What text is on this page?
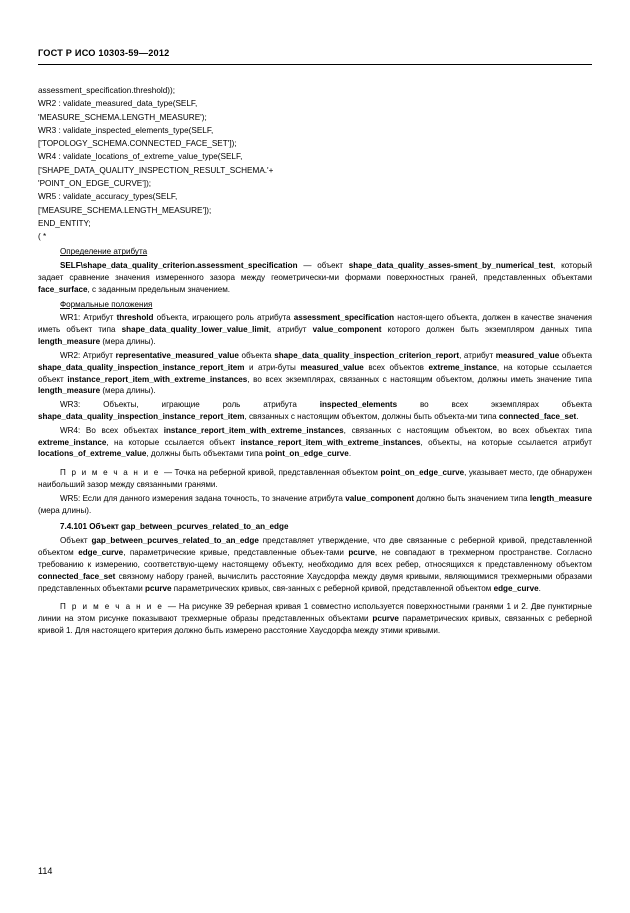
ГОСТ Р ИСО 10303-59—2012
assessment_specification.threshold));
WR2 : validate_measured_data_type(SELF,
'MEASURE_SCHEMA.LENGTH_MEASURE');
WR3 : validate_inspected_elements_type(SELF,
['TOPOLOGY_SCHEMA.CONNECTED_FACE_SET']);
WR4 : validate_locations_of_extreme_value_type(SELF,
['SHAPE_DATA_QUALITY_INSPECTION_RESULT_SCHEMA.'+
'POINT_ON_EDGE_CURVE']);
WR5 : validate_accuracy_types(SELF,
['MEASURE_SCHEMA.LENGTH_MEASURE']);
END_ENTITY;
( *
Определение атрибута
SELF\shape_data_quality_criterion.assessment_specification — объект shape_data_quality_asses-sment_by_numerical_test, который задает сравнение значения измеренного зазора между геометрически-ми формами поверхностных граней, представленных объектами face_surface, с заданным предельным значением.
Формальные положения
WR1: Атрибут threshold объекта, играющего роль атрибута assessment_specification настоя-щего объекта, должен в качестве значения иметь объект типа shape_data_quality_lower_value_limit, атрибут value_component которого должен быть экземпляром данных типа length_measure (мера длины).
WR2: Атрибут representative_measured_value объекта shape_data_quality_inspection_criterion_report, атрибут measured_value объекта shape_data_quality_inspection_instance_report_item и атри-буты measured_value всех объектов extreme_instance, на которые ссылается объект instance_report_item_with_extreme_instances, во всех экземплярах, связанных с настоящим объектом, должны иметь значение типа length_measure (мера длины).
WR3: Объекты, играющие роль атрибута inspected_elements во всех экземплярах объекта shape_data_quality_inspection_instance_report_item, связанных с настоящим объектом, должны быть объекта-ми типа connected_face_set.
WR4: Во всех объектах instance_report_item_with_extreme_instances, связанных с настоящим объектом, во всех объектах типа extreme_instance, на которые ссылается объект instance_report_item_with_extreme_instances, объекты, на которые ссылается атрибут locations_of_extreme_value, должны быть объектами типа point_on_edge_curve.
П р и м е ч а н и е — Точка на реберной кривой, представленная объектом point_on_edge_curve, указывает место, где обнаружен наибольший зазор между связанными гранями.
WR5: Если для данного измерения задана точность, то значение атрибута value_component должно быть значением типа length_measure (мера длины).
7.4.101 Объект gap_between_pcurves_related_to_an_edge
Объект gap_between_pcurves_related_to_an_edge представляет утверждение, что две связанные с реберной кривой, представленной объектом edge_curve, параметрические кривые, представленные объек-тами pcurve, не совпадают в трехмерном пространстве. Согласно требованию к измерению, соответствую-щему настоящему объекту, необходимо для всех ребер, относящихся к представленному объектом connected_face_set связному набору граней, вычислить расстояние Хаусдорфа между двумя кривыми, являющимися трехмерными образами представленных объектами pcurve параметрических кривых, свя-занных с реберной кривой, представленной объектом edge_curve.
П р и м е ч а н и е — На рисунке 39 реберная кривая 1 совместно используется поверхностными гранями 1 и 2. Две пунктирные линии на этом рисунке показывают трехмерные образы представленных объектами pcurve параметрических кривых, связанных с реберной кривой 1. Для настоящего критерия должно быть измерено расстояние Хаусдорфа между этими кривыми.
114
